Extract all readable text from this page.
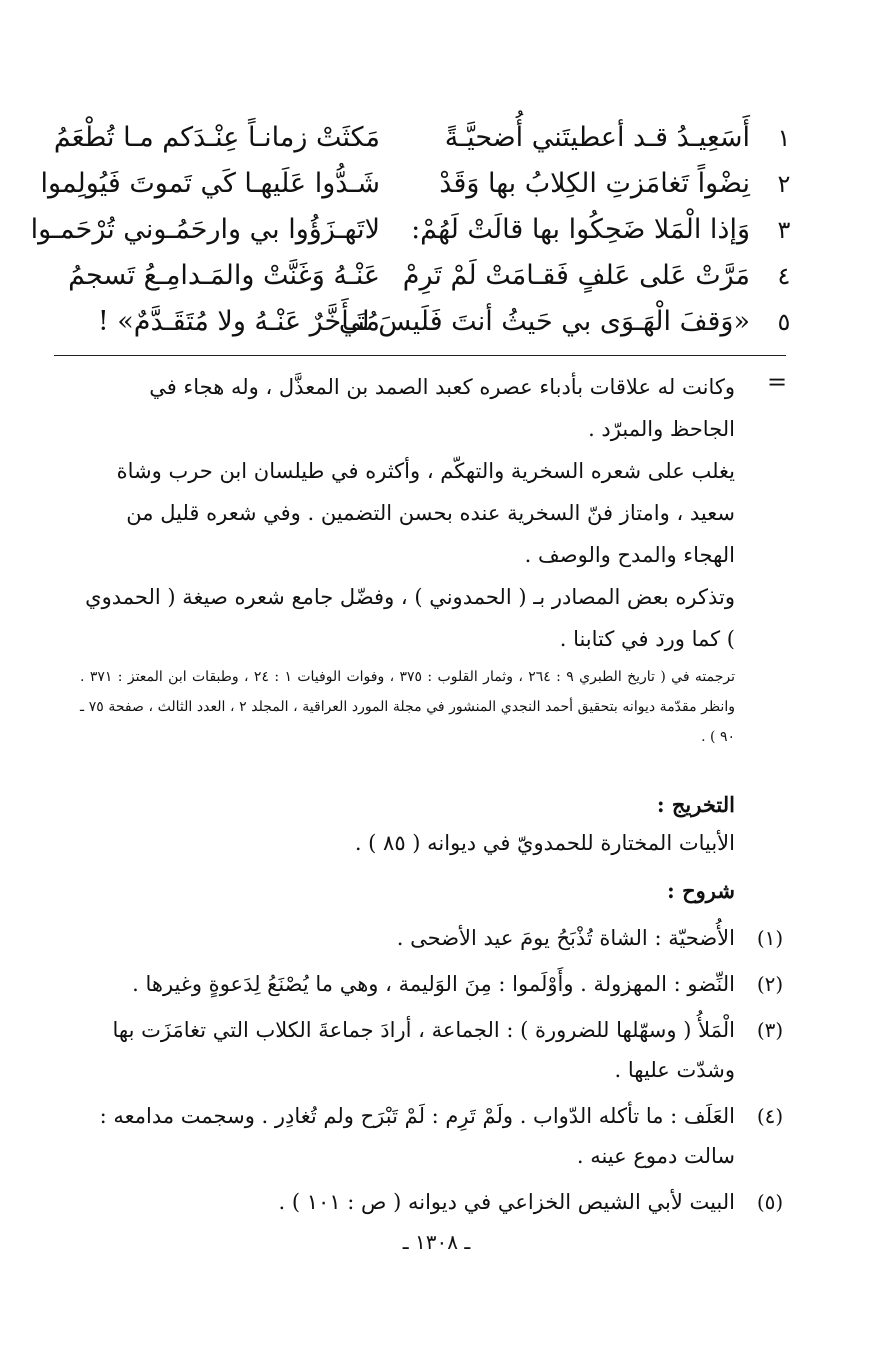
١
أَسَعِيـدُ قـد أعطيتَني أُضحيَّـةً
مَكثَتْ زمانـاً عِنْـدَكم مـا تُطْعَمُ
٢
نِضْواً تَغامَزتِ الكِلابُ بها وَقَدْ
شَـدُّوا عَلَيهـا كَي تَموتَ فَيُولِموا
٣
وَإذا الْمَلا ضَحِكُوا بها قالَتْ لَهُمْ:
لاتَهـزَؤُوا بي وارحَمُـوني تُرْحَمـوا
٤
مَرَّتْ عَلى عَلفٍ فَقـامَتْ لَمْ تَرِمْ
عَنْـهُ وَغَنَّتْ والمَـدامِـعُ تَسجمُ
٥
«وَقفَ الْهَـوَى بي حَيثُ أنتَ فَلَيسَ لي
مُتَـأَخَّرٌ عَنْـهُ ولا مُتَقَـدَّمٌ» !
=

وكانت له علاقات بأدباء عصره كعبد الصمد بن المعذَّل ، وله هجاء في الجاحظ والمبرّد .

يغلب على شعره السخرية والتهكّم ، وأكثره في طيلسان ابن حرب وشاة سعيد ، وامتاز فنّ السخرية عنده بحسن التضمين . وفي شعره قليل من الهجاء والمدح والوصف .

وتذكره بعض المصادر بـ ( الحمدوني ) ، وفضّل جامع شعره صيغة ( الحمدوي ) كما ورد في كتابنا .

ترجمته في ( تاريخ الطبري ٩ : ٢٦٤ ، وثمار القلوب : ٣٧٥ ، وفوات الوفيات ١ : ٢٤ ، وطبقات ابن المعتز : ٣٧١ . وانظر مقدّمة ديوانه بتحقيق أحمد النجدي المنشور في مجلة المورد العراقية ، المجلد ٢ ، العدد الثالث ، صفحة ٧٥ ـ ٩٠ ) .
التخريج :
الأبيات المختارة للحمدويّ في ديوانه ( ٨٥ ) .
شروح :
(١)
الأُضحيّة : الشاة تُذْبَحُ يومَ عيد الأضحى .
(٢)
النِّضو : المهزولة . وأَوْلَموا : مِنَ الوَليمة ، وهي ما يُصْنَعُ لِدَعوةٍ وغيرها .
(٣)
الْمَلأُ ( وسهّلها للضرورة ) : الجماعة ، أرادَ جماعةَ الكلاب التي تغامَزَت بها وشدّت عليها .
(٤)
العَلَف : ما تأكله الدّواب . ولَمْ تَرِم : لَمْ تَبْرَح ولم تُغادِر . وسجمت مدامعه : سالت دموع عينه .
(٥)
البيت لأبي الشيص الخزاعي في ديوانه ( ص : ١٠١ ) .
ـ ١٣٠٨ ـ
